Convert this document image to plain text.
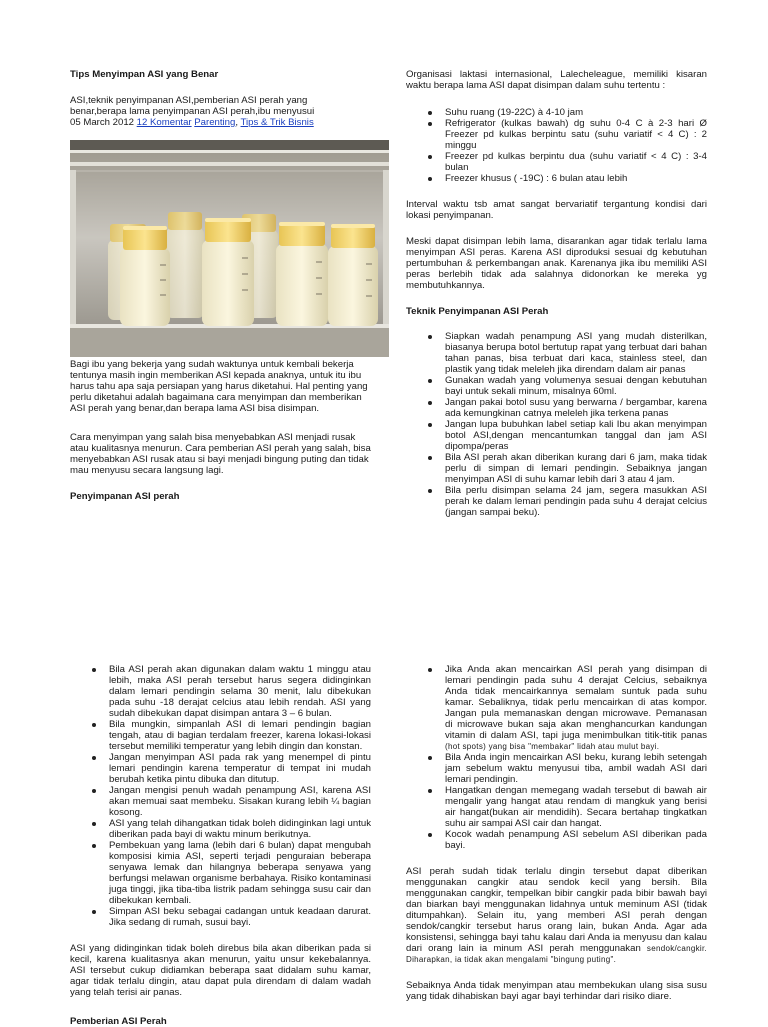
Tips Menyimpan ASI yang Benar

ASI,teknik penyimpanan ASI,pemberian ASI perah yang

benar,berapa lama penyimpanan ASI perah,ibu menyusui

05 March 2012 12 Komentar Parenting, Tips & Trik Bisnis

Bagi ibu yang bekerja yang sudah waktunya untuk kembali bekerja tentunya masih ingin memberikan ASI kepada anaknya, untuk itu ibu harus tahu apa saja persiapan yang harus diketahui. Hal penting yang perlu diketahui adalah bagaimana cara menyimpan dan memberikan ASI perah yang benar,dan berapa lama ASI bisa disimpan.

Cara menyimpan yang salah bisa menyebabkan ASI menjadi rusak atau kualitasnya menurun. Cara pemberian ASI perah yang salah, bisa menyebabkan ASI rusak atau si bayi menjadi bingung puting dan tidak mau menyusu secara langsung lagi.

Penyimpanan ASI perah

Organisasi laktasi internasional, Lalecheleague, memiliki kisaran waktu berapa lama ASI dapat disimpan dalam suhu tertentu :

Suhu ruang (19-22C) à 4-10 jam
Refrigerator (kulkas bawah) dg suhu 0-4 C à 2-3 hari Ø Freezer pd kulkas berpintu satu (suhu variatif < 4 C) : 2 minggu
Freezer pd kulkas berpintu dua (suhu variatif < 4 C) : 3-4 bulan
Freezer khusus ( -19C) : 6 bulan atau lebih

Interval waktu tsb amat sangat bervariatif tergantung kondisi dari lokasi penyimpanan.

Meski dapat disimpan lebih lama, disarankan agar tidak terlalu lama menyimpan ASI peras. Karena ASI diproduksi sesuai dg kebutuhan pertumbuhan & perkembangan anak. Karenanya jika ibu memiliki ASI peras berlebih tidak ada salahnya didonorkan ke mereka yg membutuhkannya.

Teknik Penyimpanan ASI Perah

Siapkan wadah penampung ASI yang mudah disterilkan, biasanya berupa botol bertutup rapat yang terbuat dari bahan tahan panas, bisa terbuat dari kaca, stainless steel, dan plastik yang tidak meleleh jika direndam dalam air panas
Gunakan wadah yang volumenya sesuai dengan kebutuhan bayi untuk sekali minum, misalnya 60ml.
Jangan pakai botol susu yang berwarna / bergambar, karena ada kemungkinan catnya meleleh jika terkena panas
Jangan lupa bubuhkan label setiap kali Ibu akan menyimpan botol ASI,dengan mencantumkan tanggal dan jam ASI dipompa/peras
Bila ASI perah akan diberikan kurang dari 6 jam, maka tidak perlu di simpan di lemari pendingin. Sebaiknya jangan menyimpan ASI di suhu kamar lebih dari 3 atau 4 jam.
Bila perlu disimpan selama 24 jam, segera masukkan ASI perah ke dalam lemari pendingin pada suhu 4 derajat celcius (jangan sampai beku).
Bila ASI perah akan digunakan dalam waktu 1 minggu atau lebih, maka ASI perah tersebut harus segera didinginkan dalam lemari pendingin selama 30 menit, lalu dibekukan pada suhu -18 derajat celcius atau lebih rendah. ASI yang sudah dibekukan dapat disimpan antara 3 – 6 bulan.
Bila mungkin, simpanlah ASI di lemari pendingin bagian tengah, atau di bagian terdalam freezer, karena lokasi-lokasi tersebut memiliki temperatur yang lebih dingin dan konstan.
Jangan menyimpan ASI pada rak yang menempel di pintu lemari pendingin karena temperatur di tempat ini mudah berubah ketika pintu dibuka dan ditutup.
Jangan mengisi penuh wadah penampung ASI, karena ASI akan memuai saat membeku. Sisakan kurang lebih ¼ bagian kosong.
ASI yang telah dihangatkan tidak boleh didinginkan lagi untuk diberikan pada bayi di waktu minum berikutnya.
Pembekuan yang lama (lebih dari 6 bulan) dapat mengubah komposisi kimia ASI, seperti terjadi penguraian beberapa senyawa lemak dan hilangnya beberapa senyawa yang berfungsi melawan organisme berbahaya. Risiko kontaminasi juga tinggi, jika tiba-tiba listrik padam sehingga susu cair dan dibekukan kembali.
Simpan ASI beku sebagai cadangan untuk keadaan darurat. Jika sedang di rumah, susui bayi.

ASI yang didinginkan tidak boleh direbus bila akan diberikan pada si kecil, karena kualitasnya akan menurun, yaitu unsur kekebalannya. ASI tersebut cukup didiamkan beberapa saat didalam suhu kamar, agar tidak terlalu dingin, atau dapat pula direndam di dalam wadah yang telah terisi air panas.

Pemberian ASI Perah

Jika Anda akan mencairkan ASI perah yang disimpan di lemari pendingin pada suhu 4 derajat Celcius, sebaiknya Anda tidak mencairkannya semalam suntuk pada suhu kamar. Sebaliknya, tidak perlu mencairkan di atas kompor. Jangan pula memanaskan dengan microwave. Pemanasan di microwave bukan saja akan menghancurkan kandungan vitamin di dalam ASI, tapi juga menimbulkan titik-titik panas (hot spots) yang bisa "membakar" lidah atau mulut bayi.
Bila Anda ingin mencairkan ASI beku, kurang lebih setengah jam sebelum waktu menyusui tiba, ambil wadah ASI dari lemari pendingin.
Hangatkan dengan memegang wadah tersebut di bawah air mengalir yang hangat atau rendam di mangkuk yang berisi air hangat(bukan air mendidih). Secara bertahap tingkatkan suhu air sampai ASI cair dan hangat.
Kocok wadah penampung ASI sebelum ASI diberikan pada bayi.

ASI perah sudah tidak terlalu dingin tersebut dapat diberikan menggunakan cangkir atau sendok kecil yang bersih. Bila menggunakan cangkir, tempelkan bibir cangkir pada bibir bawah bayi dan biarkan bayi menggunakan lidahnya untuk meminum ASI (tidak ditumpahkan). Selain itu, yang memberi ASI perah dengan sendok/cangkir tersebut harus orang lain, bukan Anda. Agar ada konsistensi, sehingga bayi tahu kalau dari Anda ia menyusu dan kalau dari orang lain ia minum ASI perah menggunakan sendok/cangkir. Diharapkan, ia tidak akan mengalami "bingung puting".

Sebaiknya Anda tidak menyimpan atau membekukan ulang sisa susu yang tidak dihabiskan bayi agar bayi terhindar dari risiko diare.
